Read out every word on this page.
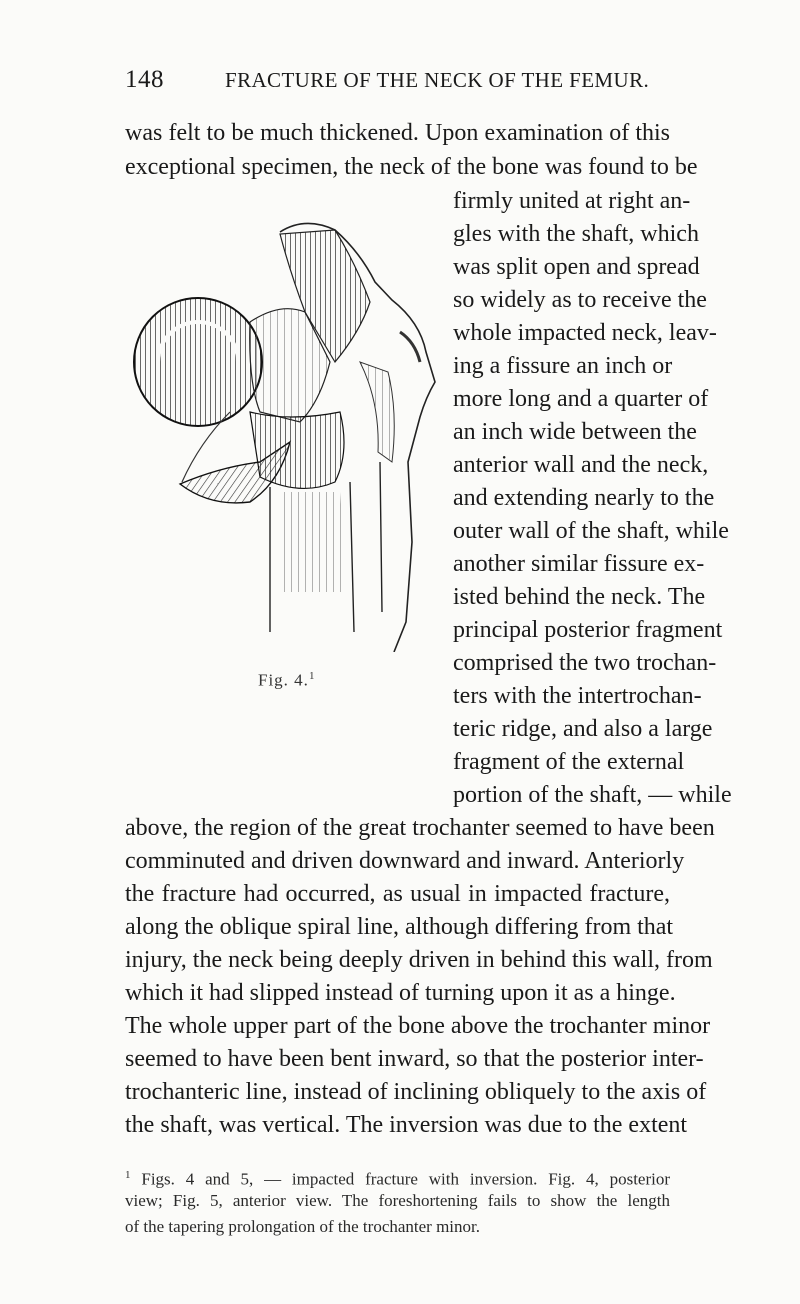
148	FRACTURE OF THE NECK OF THE FEMUR.
was felt to be much thickened. Upon examination of this
exceptional specimen, the neck of the bone was found to be
firmly united at right an-
gles with the shaft, which
was split open and spread
so widely as to receive the
whole impacted neck, leav-
ing a fissure an inch or
more long and a quarter of
an inch wide between the
anterior wall and the neck,
and extending nearly to the
outer wall of the shaft, while
another similar fissure ex-
isted behind the neck. The
principal posterior fragment
comprised the two trochan-
ters with the intertrochan-
teric ridge, and also a large
fragment of the external
portion of the shaft, — while
Fig. 4.$^1$
above, the region of the great trochanter seemed to have been
comminuted and driven downward and inward. Anteriorly
the fracture had occurred, as usual in impacted fracture,
along the oblique spiral line, although differing from that
injury, the neck being deeply driven in behind this wall, from
which it had slipped instead of turning upon it as a hinge.
The whole upper part of the bone above the trochanter minor
seemed to have been bent inward, so that the posterior inter-
trochanteric line, instead of inclining obliquely to the axis of
the shaft, was vertical. The inversion was due to the extent
$^1$ Figs. 4 and 5, — impacted fracture with inversion. Fig. 4, posterior
view; Fig. 5, anterior view. The foreshortening fails to show the length
of the tapering prolongation of the trochanter minor.
